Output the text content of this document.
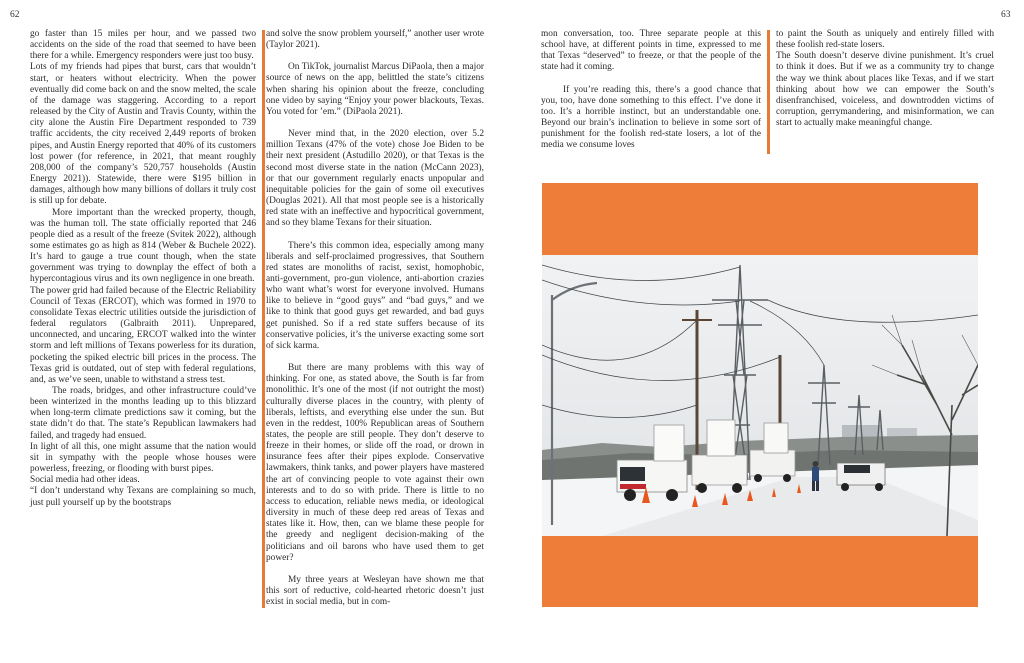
62

go faster than 15 miles per hour, and we passed two accidents on the side of the road that seemed to have been there for a while. Emergency responders were just too busy.

Lots of my friends had pipes that burst, cars that wouldn’t start, or heaters without electricity. When the power eventually did come back on and the snow melted, the scale of the damage was staggering. According to a report released by the City of Austin and Travis County, within the city alone the Austin Fire Department responded to 739 traffic accidents, the city received 2,449 reports of broken pipes, and Austin Energy reported that 40% of its customers lost power (for reference, in 2021, that meant roughly 208,000 of the company’s 520,757 households (Austin Energy 2021)). Statewide, there were $195 billion in damages, although how many billions of dollars it truly cost is still up for debate.

More important than the wrecked property, though, was the human toll. The state officially reported that 246 people died as a result of the freeze (Svitek 2022), although some estimates go as high as 814 (Weber & Buchele 2022). It’s hard to gauge a true count though, when the state government was trying to downplay the effect of both a hypercontagious virus and its own negligence in one breath.

The power grid had failed because of the Electric Reliability Council of Texas (ERCOT), which was formed in 1970 to consolidate Texas electric utilities outside the jurisdiction of federal regulators (Galbraith 2011). Unprepared, unconnected, and uncaring, ERCOT walked into the winter storm and left millions of Texans powerless for its duration, pocketing the spiked electric bill prices in the process. The Texas grid is outdated, out of step with federal regulations, and, as we’ve seen, unable to withstand a stress test.

The roads, bridges, and other infrastructure could’ve been winterized in the months leading up to this blizzard when long-term climate predictions saw it coming, but the state didn’t do that. The state’s Republican lawmakers had failed, and tragedy had ensued.

In light of all this, one might assume that the nation would sit in sympathy with the people whose houses were powerless, freezing, or flooding with burst pipes.

Social media had other ideas.

“I don’t understand why Texans are complaining so much, just pull yourself up by the bootstraps

and solve the snow problem yourself,” another user wrote (Taylor 2021).

On TikTok, journalist Marcus DiPaola, then a major source of news on the app, belittled the state’s citizens when sharing his opinion about the freeze, concluding one video by saying “Enjoy your power blackouts, Texas. You voted for ’em.” (DiPaola 2021).

Never mind that, in the 2020 election, over 5.2 million Texans (47% of the vote) chose Joe Biden to be their next president (Astudillo 2020), or that Texas is the second most diverse state in the nation (McCann 2023), or that our government regularly enacts unpopular and inequitable policies for the gain of some oil executives (Douglas 2021). All that most people see is a historically red state with an ineffective and hypocritical government, and so they blame Texans for their situation.

There’s this common idea, especially among many liberals and self-proclaimed progressives, that Southern red states are monoliths of racist, sexist, homophobic, anti-government, pro-gun violence, anti-abortion crazies who want what’s worst for everyone involved. Humans like to believe in “good guys” and “bad guys,” and we like to think that good guys get rewarded, and bad guys get punished. So if a red state suffers because of its conservative policies, it’s the universe exacting some sort of sick karma.

But there are many problems with this way of thinking. For one, as stated above, the South is far from monolithic. It’s one of the most (if not outright the most) culturally diverse places in the country, with plenty of liberals, leftists, and everything else under the sun. But even in the reddest, 100% Republican areas of Southern states, the people are still people. They don’t deserve to freeze in their homes, or slide off the road, or drown in insurance fees after their pipes explode. Conservative lawmakers, think tanks, and power players have mastered the art of convincing people to vote against their own interests and to do so with pride. There is little to no access to education, reliable news media, or ideological diversity in much of these deep red areas of Texas and states like it. How, then, can we blame these people for the greedy and negligent decision-making of the politicians and oil barons who have used them to get power?

My three years at Wesleyan have shown me that this sort of reductive, cold-hearted rhetoric doesn’t just exist in social media, but in com-

63

mon conversation, too. Three separate people at this school have, at different points in time, expressed to me that Texas “deserved” to freeze, or that the people of the state had it coming.

If you’re reading this, there’s a good chance that you, too, have done something to this effect. I’ve done it too. It’s a horrible instinct, but an understandable one. Beyond our brain’s inclination to believe in some sort of punishment for the foolish red-state losers, a lot of the media we consume loves

to paint the South as uniquely and entirely filled with these foolish red-state losers.

The South doesn’t deserve divine punishment. It’s cruel to think it does. But if we as a community try to change the way we think about places like Texas, and if we start thinking about how we can empower the South’s disenfranchised, voiceless, and downtrodden victims of corruption, gerrymandering, and misinformation, we can start to actually make meaningful change.
